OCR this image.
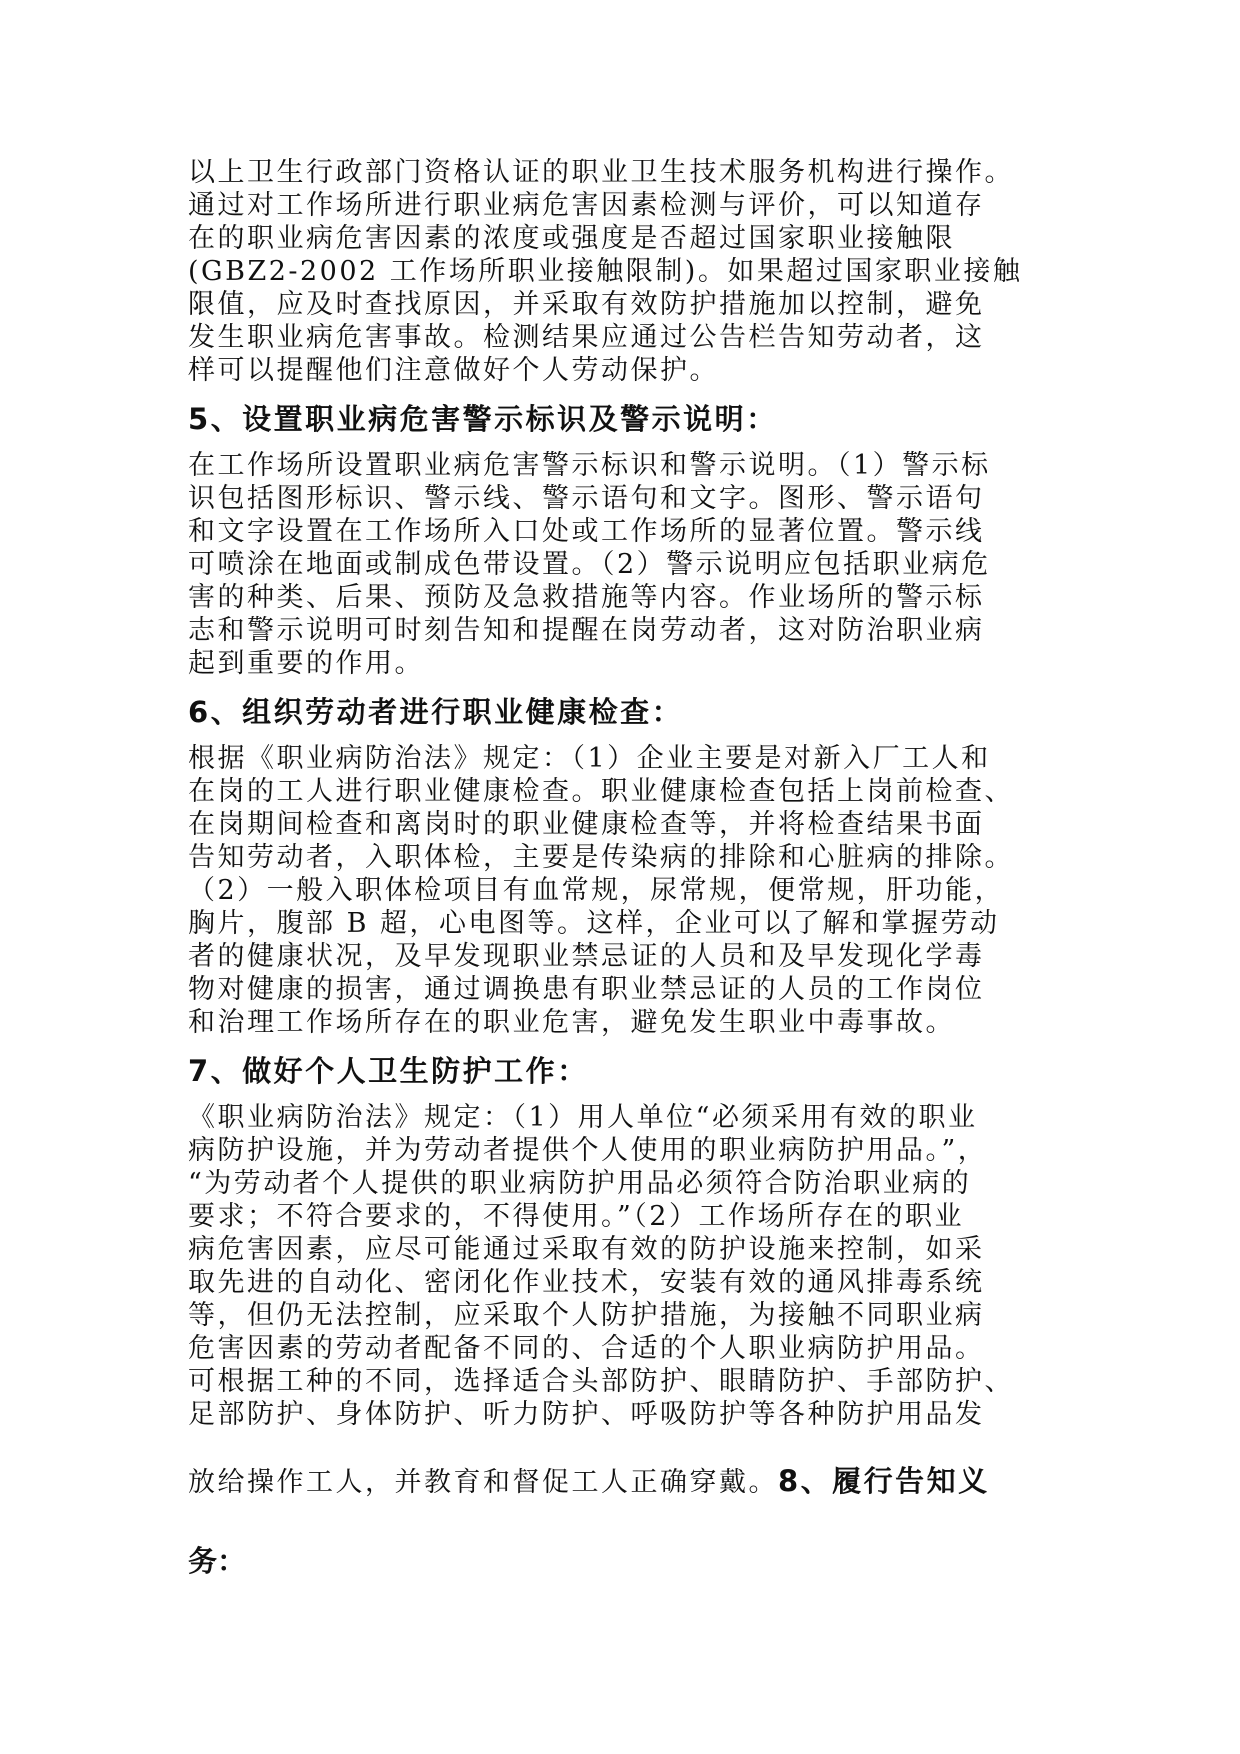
以上卫生行政部门资格认证的职业卫生技术服务机构进行操作。
通过对工作场所进行职业病危害因素检测与评价，可以知道存
在的职业病危害因素的浓度或强度是否超过国家职业接触限
(GBZ2-2002 工作场所职业接触限制)。如果超过国家职业接触
限值，应及时查找原因，并采取有效防护措施加以控制，避免
发生职业病危害事故。检测结果应通过公告栏告知劳动者，这
样可以提醒他们注意做好个人劳动保护。
5、设置职业病危害警示标识及警示说明：
在工作场所设置职业病危害警示标识和警示说明。（1）警示标
识包括图形标识、警示线、警示语句和文字。图形、警示语句
和文字设置在工作场所入口处或工作场所的显著位置。警示线
可喷涂在地面或制成色带设置。（2）警示说明应包括职业病危
害的种类、后果、预防及急救措施等内容。作业场所的警示标
志和警示说明可时刻告知和提醒在岗劳动者，这对防治职业病
起到重要的作用。
6、组织劳动者进行职业健康检查：
根据《职业病防治法》规定：（1）企业主要是对新入厂工人和
在岗的工人进行职业健康检查。职业健康检查包括上岗前检查、
在岗期间检查和离岗时的职业健康检查等，并将检查结果书面
告知劳动者，入职体检，主要是传染病的排除和心脏病的排除。
（2）一般入职体检项目有血常规，尿常规，便常规，肝功能，
胸片，腹部 B 超，心电图等。这样，企业可以了解和掌握劳动
者的健康状况，及早发现职业禁忌证的人员和及早发现化学毒
物对健康的损害，通过调换患有职业禁忌证的人员的工作岗位
和治理工作场所存在的职业危害，避免发生职业中毒事故。
7、做好个人卫生防护工作：
《职业病防治法》规定：（1）用人单位“必须采用有效的职业
病防护设施，并为劳动者提供个人使用的职业病防护用品。”，
“为劳动者个人提供的职业病防护用品必须符合防治职业病的
要求；不符合要求的，不得使用。”（2）工作场所存在的职业
病危害因素，应尽可能通过采取有效的防护设施来控制，如采
取先进的自动化、密闭化作业技术，安装有效的通风排毒系统
等，但仍无法控制，应采取个人防护措施，为接触不同职业病
危害因素的劳动者配备不同的、合适的个人职业病防护用品。
可根据工种的不同，选择适合头部防护、眼睛防护、手部防护、
足部防护、身体防护、听力防护、呼吸防护等各种防护用品发
放给操作工人，并教育和督促工人正确穿戴。8、履行告知义
务：
